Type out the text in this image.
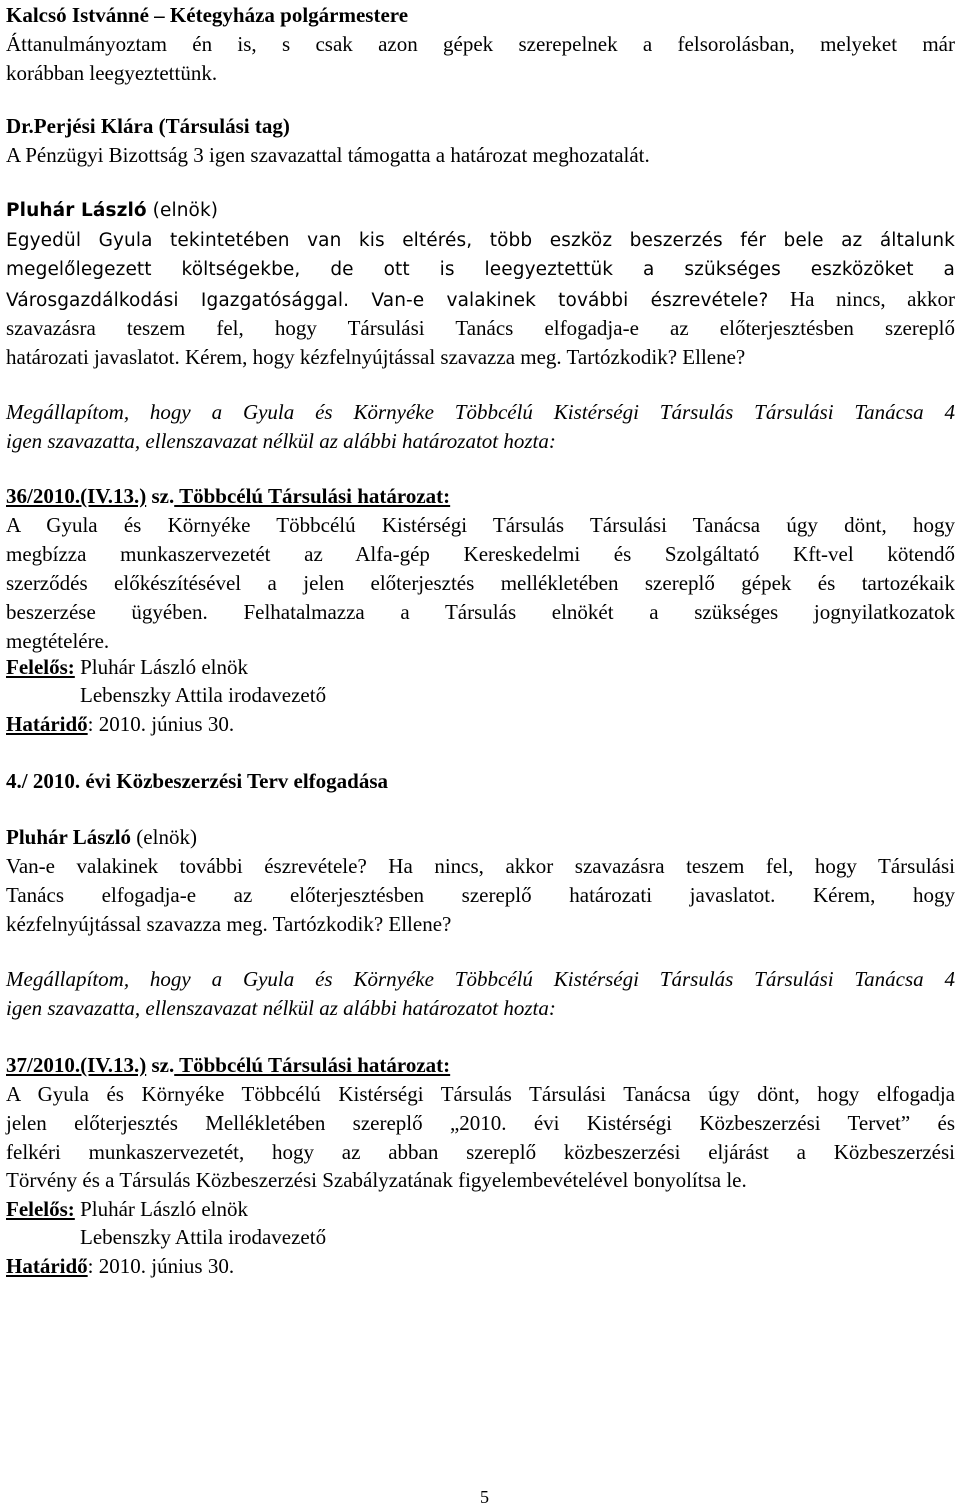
Kalcsó Istvánné – Kétegyháza polgármestere
Áttanulmányoztam én is, s csak azon gépek szerepelnek a felsorolásban, melyeket már
korábban leegyeztettünk.
Dr.Perjési Klára (Társulási tag)
A Pénzügyi Bizottság 3 igen szavazattal támogatta a határozat meghozatalát.
Pluhár László (elnök)
Egyedül Gyula tekintetében van kis eltérés, több eszköz beszerzés fér bele az általunk
megelőlegezett költségekbe, de ott is leegyeztettük a szükséges eszközöket a
Városgazdálkodási Igazgatósággal. Van-e valakinek további észrevétele? Ha nincs, akkor
szavazásra teszem fel, hogy Társulási Tanács elfogadja-e az előterjesztésben szereplő
határozati javaslatot. Kérem, hogy kézfelnyújtással szavazza meg. Tartózkodik? Ellene?
Megállapítom, hogy a Gyula és Környéke Többcélú Kistérségi Társulás Társulási Tanácsa 4
igen szavazatta, ellenszavazat nélkül az alábbi határozatot hozta:
36/2010.(IV.13.) sz. Többcélú Társulási határozat:
A Gyula és Környéke Többcélú Kistérségi Társulás Társulási Tanácsa úgy dönt, hogy
megbízza munkaszervezetét az Alfa-gép Kereskedelmi és Szolgáltató Kft-vel kötendő
szerződés előkészítésével a jelen előterjesztés mellékletében szereplő gépek és tartozékaik
beszerzése ügyében. Felhatalmazza a Társulás elnökét a szükséges jognyilatkozatok
megtételére.
Felelős: Pluhár László elnök
Lebenszky Attila irodavezető
Határidő: 2010. június 30.
4./ 2010. évi Közbeszerzési Terv elfogadása
Pluhár László (elnök)
Van-e valakinek további észrevétele? Ha nincs, akkor szavazásra teszem fel, hogy Társulási
Tanács elfogadja-e az előterjesztésben szereplő határozati javaslatot. Kérem, hogy
kézfelnyújtással szavazza meg. Tartózkodik? Ellene?
Megállapítom, hogy a Gyula és Környéke Többcélú Kistérségi Társulás Társulási Tanácsa 4
igen szavazatta, ellenszavazat nélkül az alábbi határozatot hozta:
37/2010.(IV.13.) sz. Többcélú Társulási határozat:
A Gyula és Környéke Többcélú Kistérségi Társulás Társulási Tanácsa úgy dönt, hogy elfogadja
jelen előterjesztés Mellékletében szereplő „2010. évi Kistérségi Közbeszerzési Tervet” és
felkéri munkaszervezetét, hogy az abban szereplő közbeszerzési eljárást a Közbeszerzési
Törvény és a Társulás Közbeszerzési Szabályzatának figyelembevételével bonyolítsa le.
Felelős: Pluhár László elnök
Lebenszky Attila irodavezető
Határidő: 2010. június 30.
5
